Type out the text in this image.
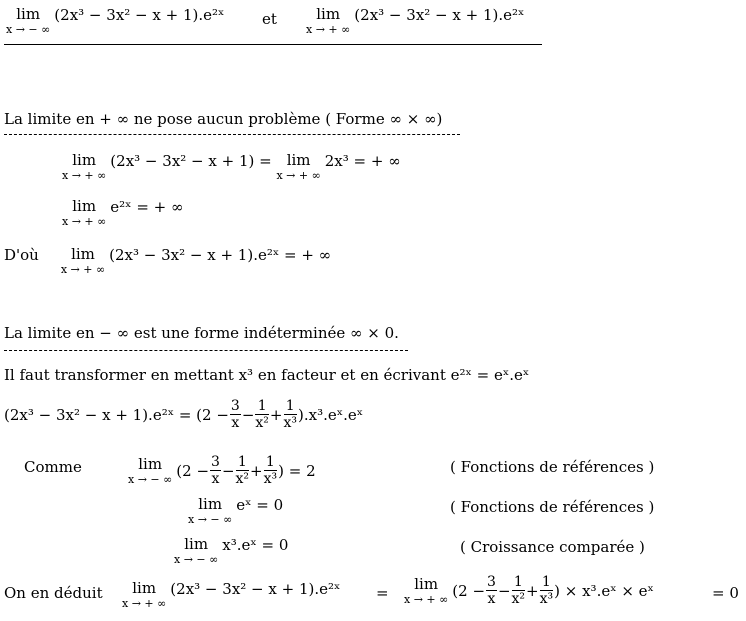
lim
x → − ∞
(2x³ − 3x² − x + 1).e²ˣ	et	lim
x → + ∞
(2x³ − 3x² − x + 1).e²ˣ
La limite en + ∞ ne pose aucun problème ( Forme ∞ × ∞)
lim
x → + ∞
(2x³ − 3x² − x + 1) =	lim
x → + ∞
2x³ = + ∞
lim
x → + ∞
e²ˣ = + ∞
D'où	lim
x → + ∞
(2x³ − 3x² − x + 1).e²ˣ = + ∞
La limite en − ∞ est une forme indéterminée ∞ × 0.
Il faut transformer en mettant x³ en facteur et en écrivant e²ˣ = eˣ.eˣ
(2x³ − 3x² − x + 1).e²ˣ = ($2 - \frac{3}{x} - \frac{1}{\text{x²}} + \frac{1}{\text{x³}}$ ).x³.eˣ.eˣ
Comme	lim
x → − ∞ ($2 - \frac{3}{x} - \frac{1}{\text{x²}} + \frac{1}{\text{x³}}$ ) = 2	( Fonctions de références )
lim
x → − ∞
eˣ = 0	( Fonctions de références )
lim
x → − ∞
x³.eˣ = 0	( Croissance comparée )
On en déduit	lim
x → + ∞
(2x³ − 3x² − x + 1).e²ˣ =	lim
x → + ∞ ($2 - \frac{3}{x} - \frac{1}{\text{x²}} + \frac{1}{\text{x³}}$ ) × x³.eˣ × eˣ	= 0
